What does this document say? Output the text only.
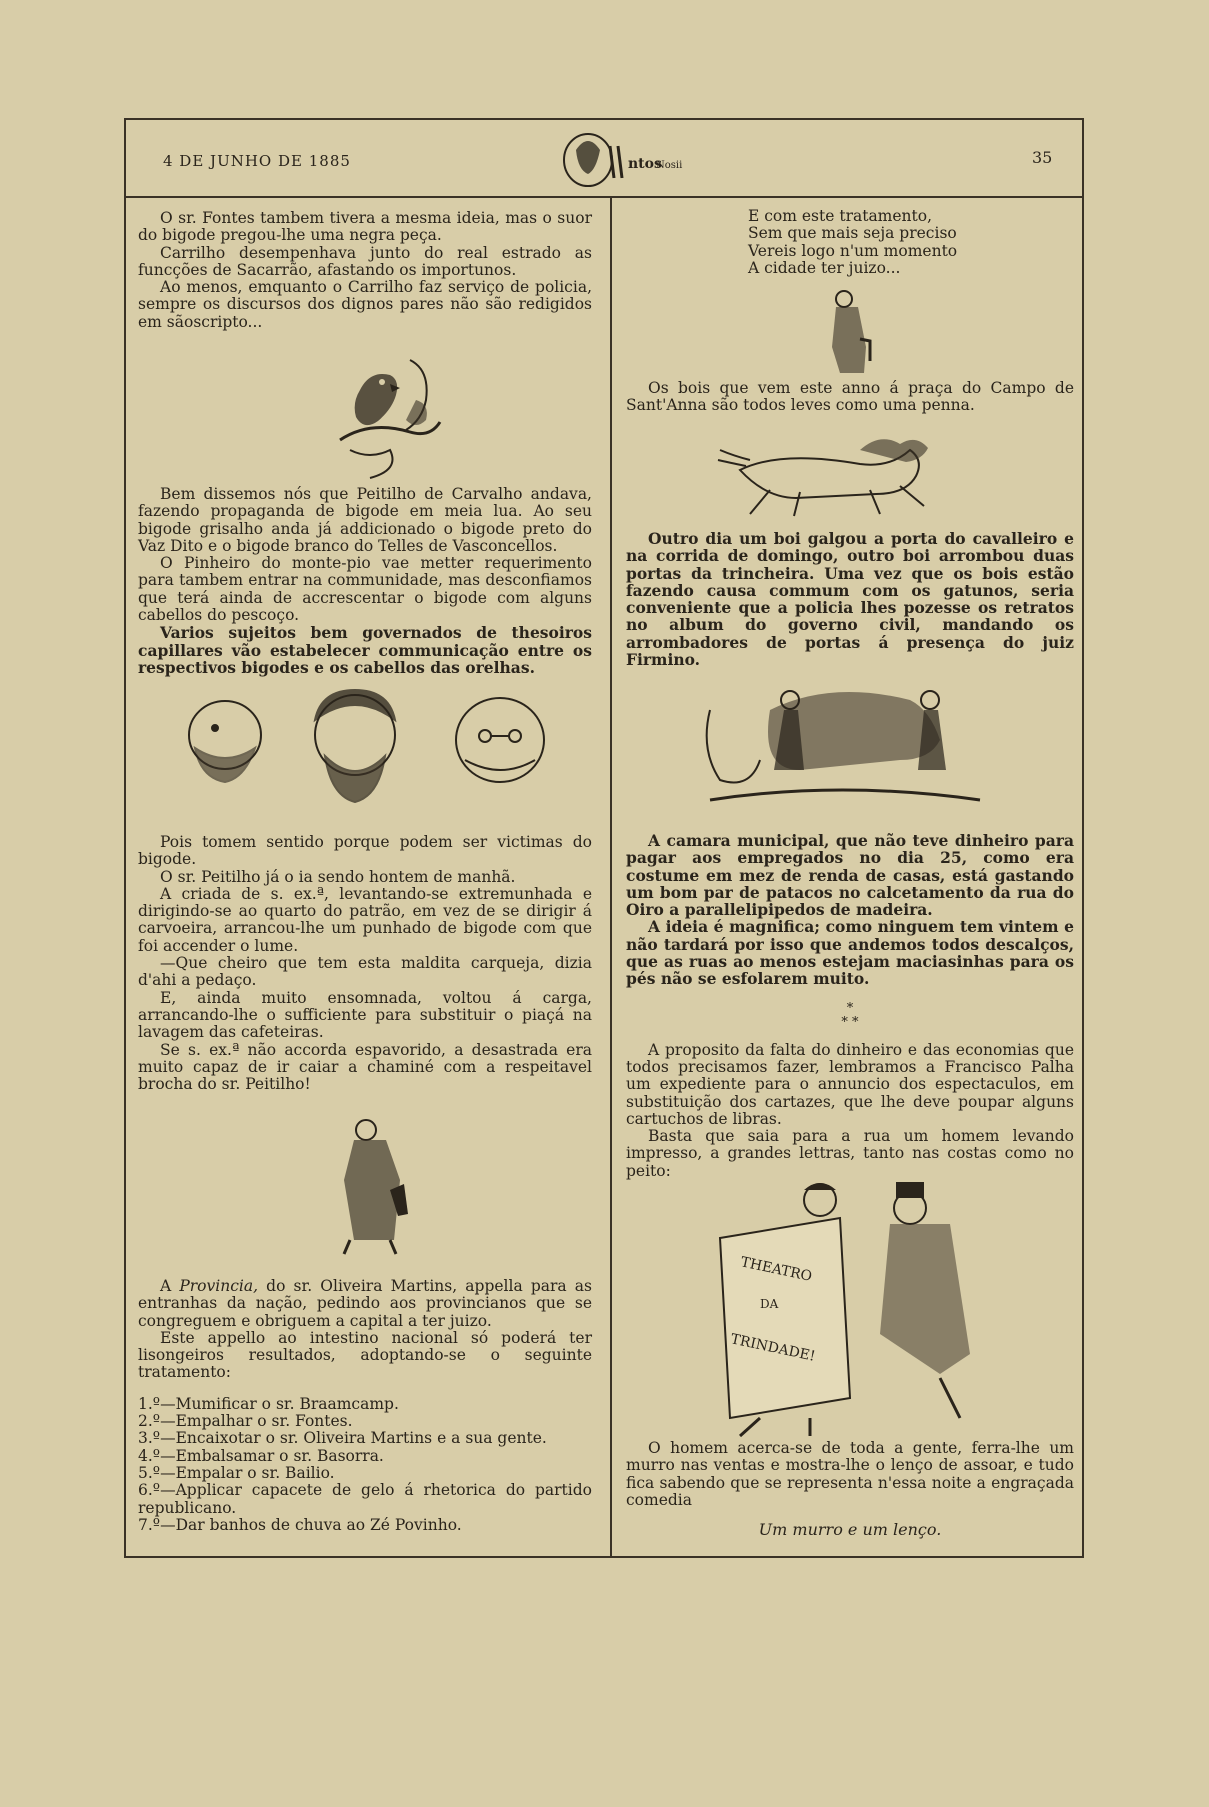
4 DE JUNHO DE 1885	35
ntos
Nosii

O sr. Fontes tambem tivera a mesma ideia, mas o suor do bigode pregou-lhe uma negra peça.

Carrilho desempenhava junto do real estrado as funcções de Sacarrão, afastando os importunos.

Ao menos, emquanto o Carrilho faz serviço de policia, sempre os discursos dos dignos pares não são redigidos em sãoscripto...

Bem dissemos nós que Peitilho de Carvalho andava, fazendo propaganda de bigode em meia lua. Ao seu bigode grisalho anda já addicionado o bigode preto do Vaz Dito e o bigode branco do Telles de Vasconcellos.

O Pinheiro do monte-pio vae metter requerimento para tambem entrar na communidade, mas desconfiamos que terá ainda de accrescentar o bigode com alguns cabellos do pescoço.

Varios sujeitos bem governados de thesoiros capillares vão estabelecer communicação entre os respectivos bigodes e os cabellos das orelhas.

Pois tomem sentido porque podem ser victimas do bigode.

O sr. Peitilho já o ia sendo hontem de manhã.

A criada de s. ex.ª, levantando-se extremunhada e dirigindo-se ao quarto do patrão, em vez de se dirigir á carvoeira, arrancou-lhe um punhado de bigode com que foi accender o lume.

—Que cheiro que tem esta maldita carqueja, dizia d'ahi a pedaço.

E, ainda muito ensomnada, voltou á carga, arrancando-lhe o sufficiente para substituir o piaçá na lavagem das cafeteiras.

Se s. ex.ª não accorda espavorido, a desastrada era muito capaz de ir caiar a chaminé com a respeitavel brocha do sr. Peitilho!

A Provincia, do sr. Oliveira Martins, appella para as entranhas da nação, pedindo aos provincianos que se congreguem e obriguem a capital a ter juizo.

Este appello ao intestino nacional só poderá ter lisongeiros resultados, adoptando-se o seguinte tratamento:

1.º—Mumificar o sr. Braamcamp.
2.º—Empalhar o sr. Fontes.
3.º—Encaixotar o sr. Oliveira Martins e a sua gente.
4.º—Embalsamar o sr. Basorra.
5.º—Empalar o sr. Bailio.
6.º—Applicar capacete de gelo á rhetorica do partido republicano.
7.º—Dar banhos de chuva ao Zé Povinho.
E com este tratamento,
Sem que mais seja preciso
Vereis logo n'um momento
A cidade ter juizo...

Os bois que vem este anno á praça do Campo de Sant'Anna são todos leves como uma penna.

Outro dia um boi galgou a porta do cavalleiro e na corrida de domingo, outro boi arrombou duas portas da trincheira. Uma vez que os bois estão fazendo causa commum com os gatunos, seria conveniente que a policia lhes pozesse os retratos no album do governo civil, mandando os arrombadores de portas á presença do juiz Firmino.

A camara municipal, que não teve dinheiro para pagar aos empregados no dia 25, como era costume em mez de renda de casas, está gastando um bom par de patacos no calcetamento da rua do Oiro a parallelipipedos de madeira.

A ideia é magnifica; como ninguem tem vintem e não tardará por isso que andemos todos descalços, que as ruas ao menos estejam maciasinhas para os pés não se esfolarem muito.

*

* *

A proposito da falta do dinheiro e das economias que todos precisamos fazer, lembramos a Francisco Palha um expediente para o annuncio dos espectaculos, em substituição dos cartazes, que lhe deve poupar alguns cartuchos de libras.

Basta que saia para a rua um homem levando impresso, a grandes lettras, tanto nas costas como no peito:

THEATRO
DA
TRINDADE!

O homem acerca-se de toda a gente, ferra-lhe um murro nas ventas e mostra-lhe o lenço de assoar, e tudo fica sabendo que se representa n'essa noite a engraçada comedia

Um murro e um lenço.
